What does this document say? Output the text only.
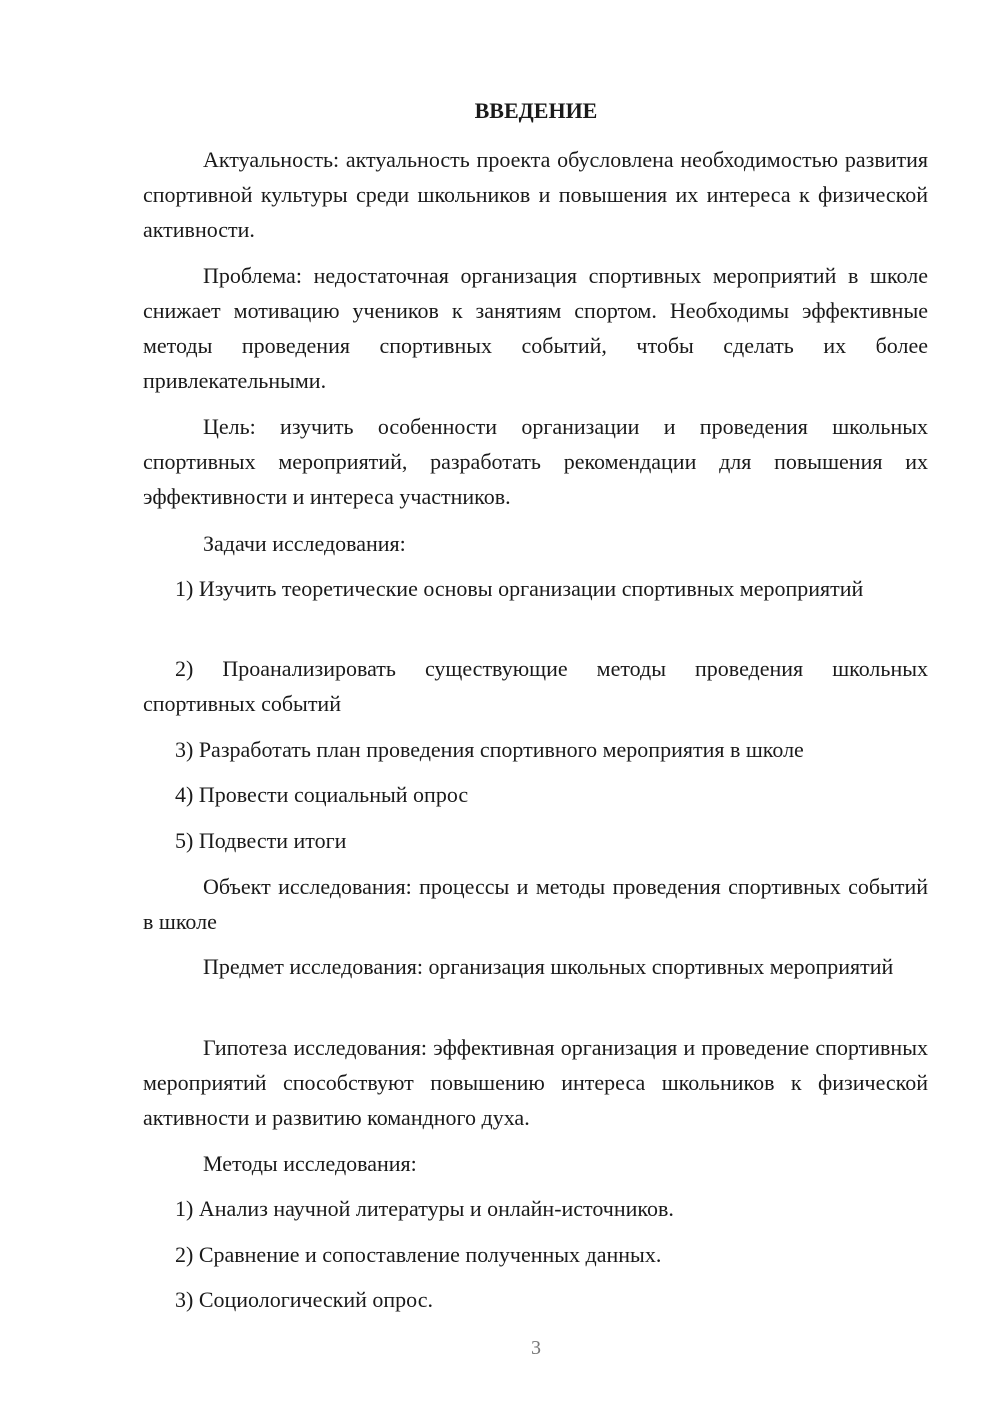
ВВЕДЕНИЕ

Актуальность: актуальность проекта обусловлена необходимостью развития спортивной культуры среди школьников и повышения их интереса к физической активности.

Проблема: недостаточная организация спортивных мероприятий в школе снижает мотивацию учеников к занятиям спортом. Необходимы эффективные методы проведения спортивных событий, чтобы сделать их более привлекательными.

Цель: изучить особенности организации и проведения школьных спортивных мероприятий, разработать рекомендации для повышения их эффективности и интереса участников.

Задачи исследования:

1) Изучить теоретические основы организации спортивных мероприятий

2) Проанализировать существующие методы проведения школьных спортивных событий

3) Разработать план проведения спортивного мероприятия в школе

4) Провести социальный опрос

5) Подвести итоги

Объект исследования: процессы и методы проведения спортивных событий в школе

Предмет исследования: организация школьных спортивных мероприятий

Гипотеза исследования: эффективная организация и проведение спортивных мероприятий способствуют повышению интереса школьников к физической активности и развитию командного духа.

Методы исследования:

1) Анализ научной литературы и онлайн-источников.

2) Сравнение и сопоставление полученных данных.

3) Социологический опрос.

3
